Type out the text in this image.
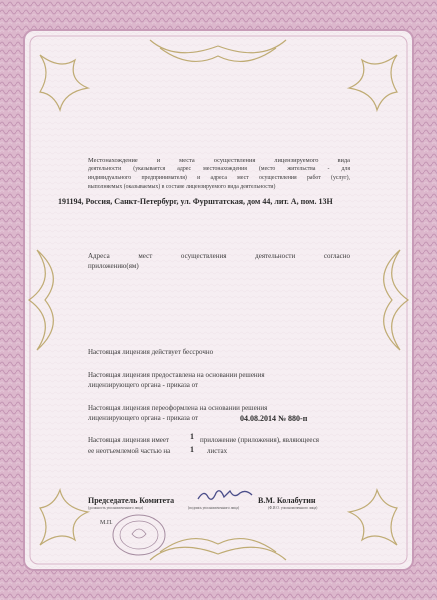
Местонахождение и места осуществления лицензируемого вида

деятельности (указывается адрес местонахождения (место жительства - для

индивидуального предпринимателя) и адреса мест осуществления работ (услуг),

выполняемых (оказываемых) в составе лицензируемого вида деятельности)

191194, Россия, Санкт-Петербург, ул. Фурштатская, дом 44, лит. А, пом. 13Н

Адреса мест осуществления деятельности согласно

приложению(ям)

Настоящая лицензия действует бессрочно

Настоящая лицензия предоставлена на основании решения

лицензирующего органа - приказа от

Настоящая лицензия переоформлена на основании решения

лицензирующего органа - приказа от	04.08.2014 № 880-п

Настоящая лицензия имеет	приложение (приложения), являющееся

ее неотъемлемой частью на	листах

1
1

Председатель Комитета	В.М. Колабутин

(должность уполномоченного лица)	(подпись уполномоченного лица)	(Ф.И.О. уполномоченного лица)
М.П.
